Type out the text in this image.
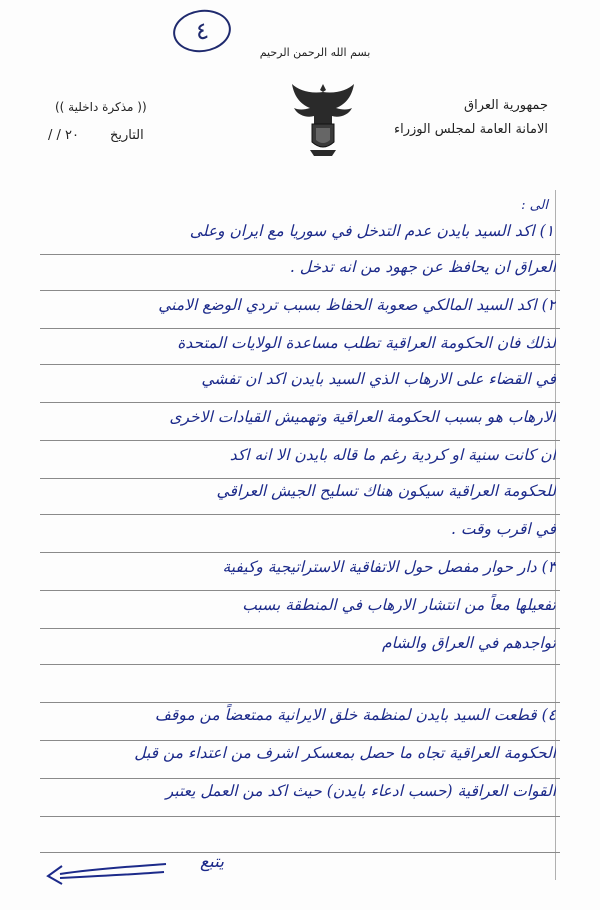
٤
بسم الله الرحمن الرحيم
(( مذكرة داخلية ))
التاريخ
/ / ٢٠
جمهورية العراق
الامانة العامة لمجلس الوزراء
الى :
١) اكد السيد بايدن عدم التدخل في سوريا مع ايران وعلى
العراق ان يحافظ عن جهود من انه تدخل .
٢) اكد السيد المالكي صعوبة الحفاظ بسبب تردي الوضع الامني
لذلك فان الحكومة العراقية تطلب مساعدة الولايات المتحدة
في القضاء على الارهاب الذي السيد بايدن اكد ان تفشي
الارهاب هو بسبب الحكومة العراقية وتهميش القيادات الاخرى
ان كانت سنية او كردية رغم ما قاله بايدن الا انه اكد
للحكومة العراقية سيكون هناك تسليح الجيش العراقي
في اقرب وقت .
٣) دار حوار مفصل حول الاتفاقية الاستراتيجية وكيفية
تفعيلها معاً من انتشار الارهاب في المنطقة بسبب
تواجدهم في العراق والشام
٤) قطعت السيد بايدن لمنظمة خلق الايرانية ممتعضاً من موقف
الحكومة العراقية تجاه ما حصل بمعسكر اشرف من اعتداء من قبل
القوات العراقية (حسب ادعاء بايدن) حيث اكد من العمل يعتبر
يتبع
